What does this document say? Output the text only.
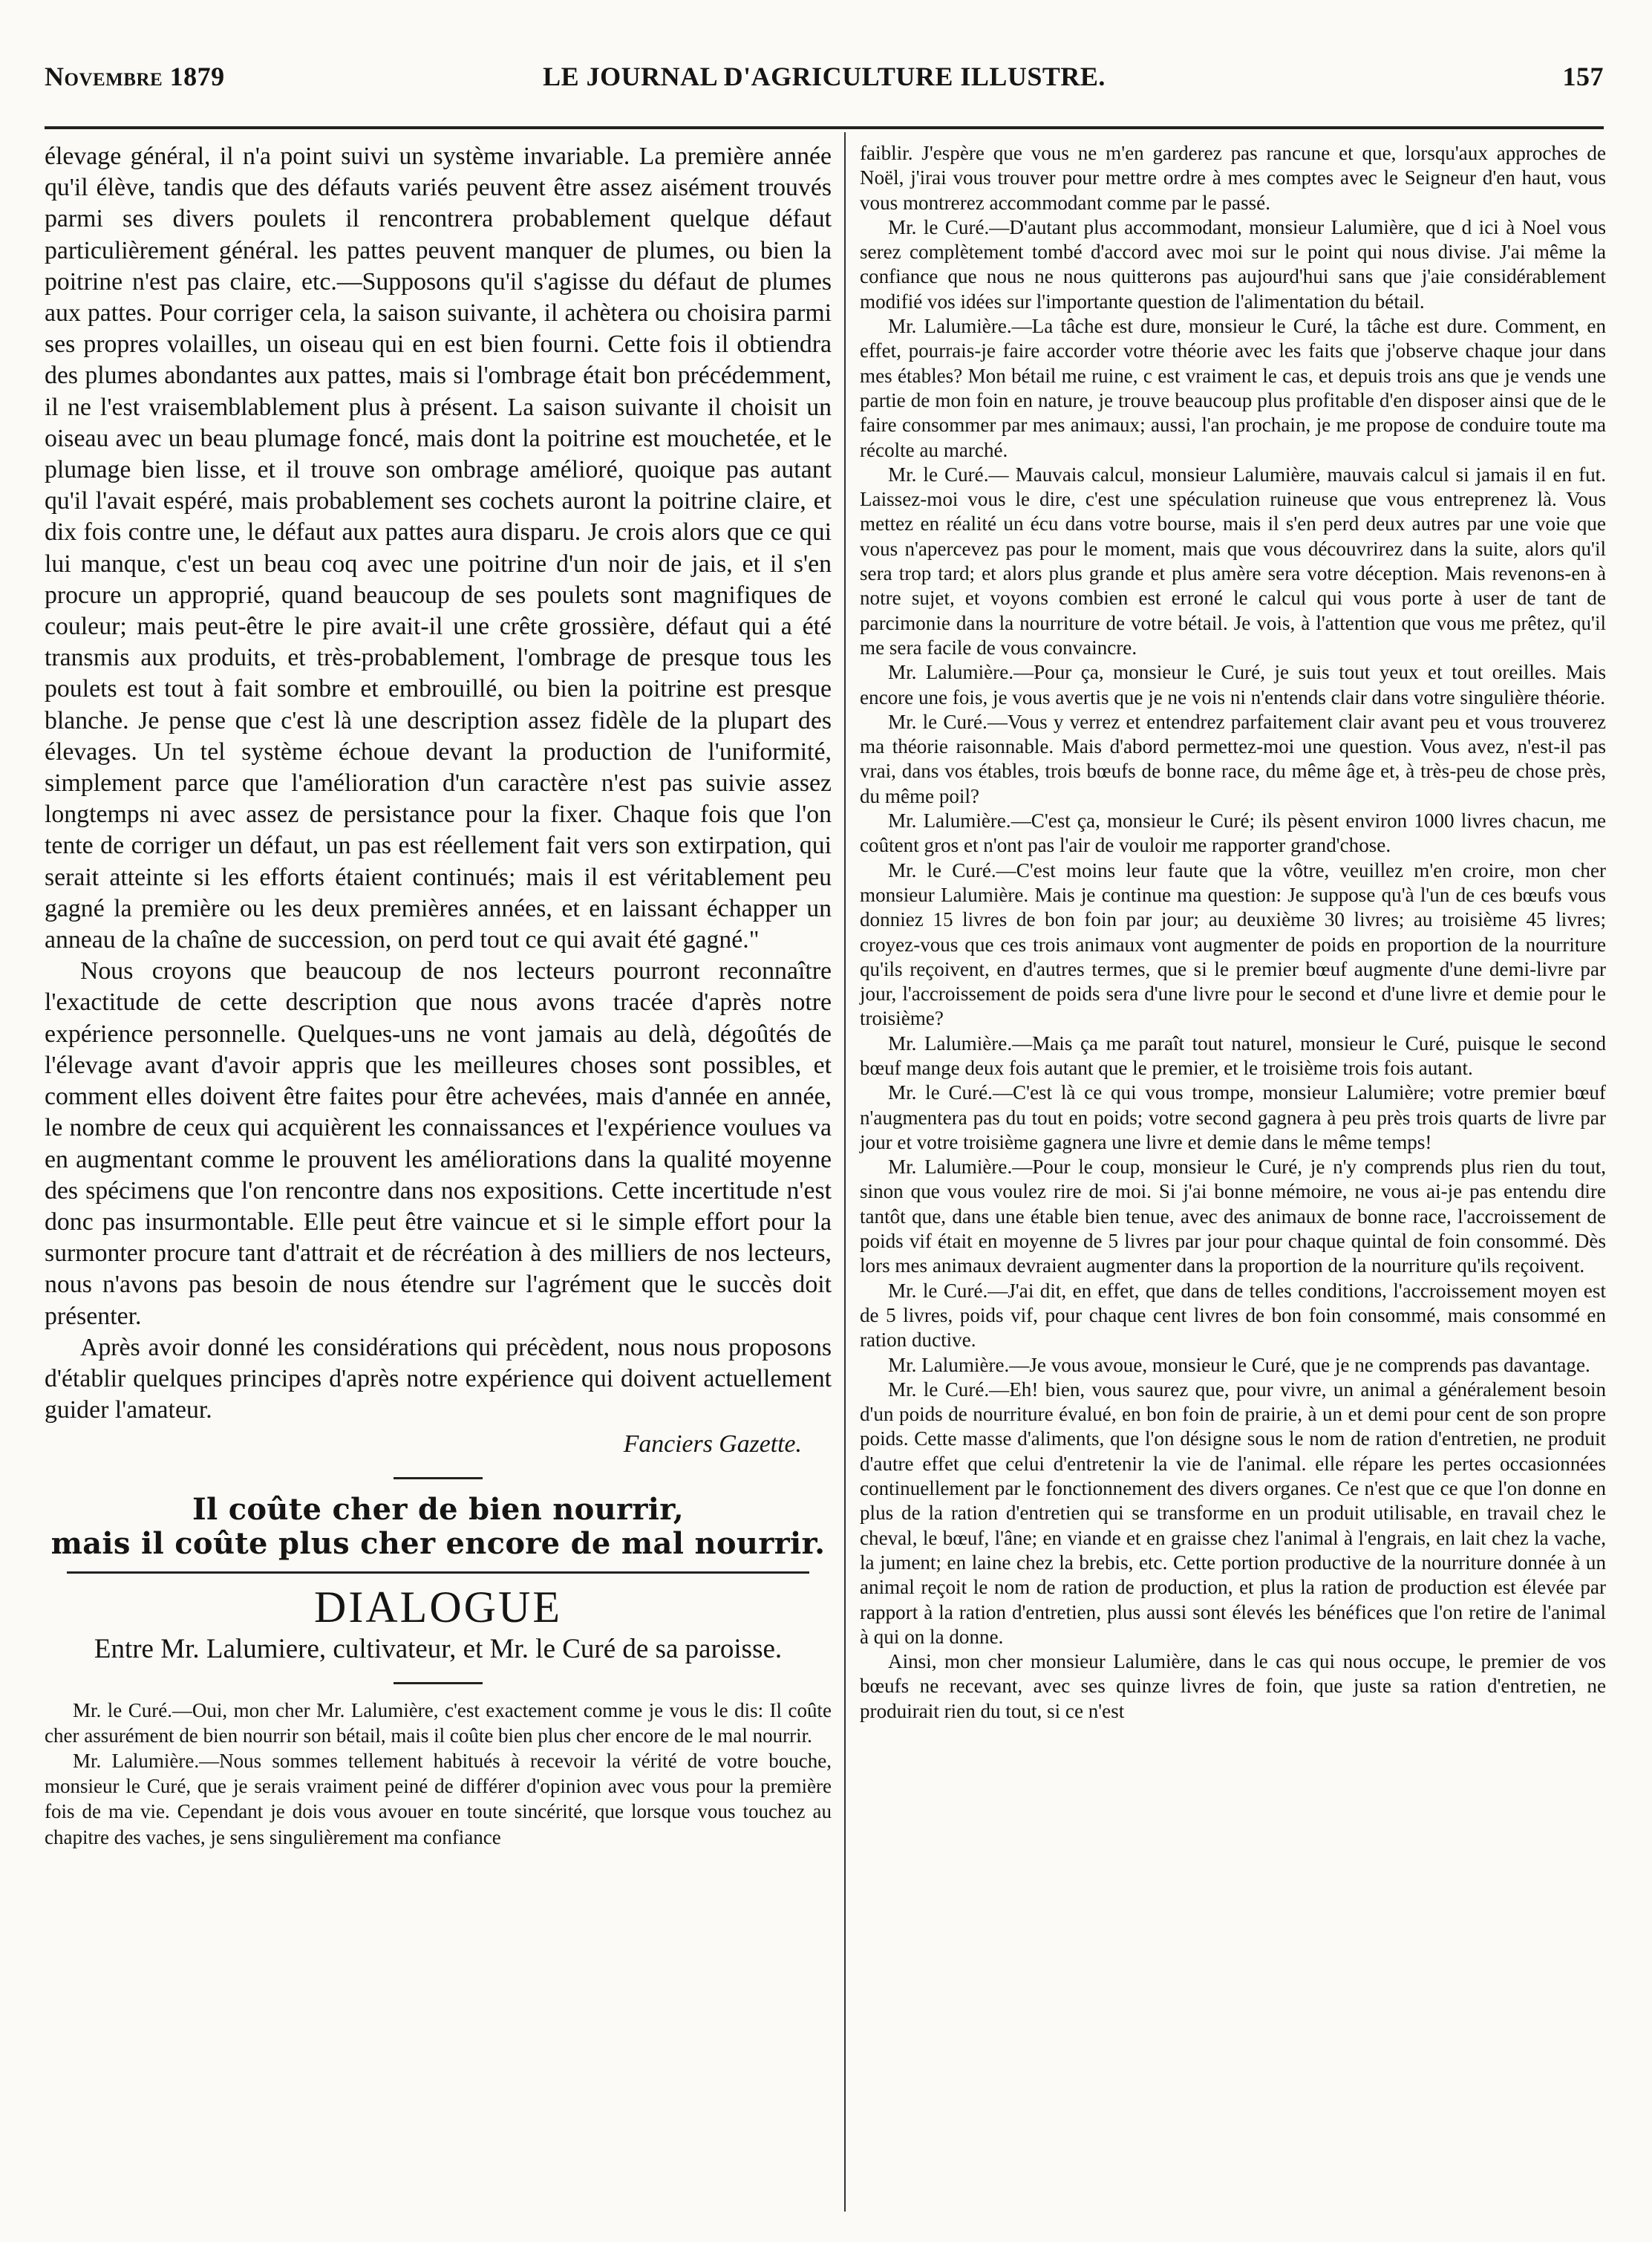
Novembre 1879	LE JOURNAL D'AGRICULTURE ILLUSTRE.	157

élevage général, il n'a point suivi un système invariable. La première année qu'il élève, tandis que des défauts variés peuvent être assez aisément trouvés parmi ses divers poulets il rencontrera probablement quelque défaut particulièrement général. les pattes peuvent manquer de plumes, ou bien la poitrine n'est pas claire, etc.—Supposons qu'il s'agisse du défaut de plumes aux pattes. Pour corriger cela, la saison suivante, il achètera ou choisira parmi ses propres volailles, un oiseau qui en est bien fourni. Cette fois il obtiendra des plumes abondantes aux pattes, mais si l'ombrage était bon précédemment, il ne l'est vraisemblablement plus à présent. La saison suivante il choisit un oiseau avec un beau plumage foncé, mais dont la poitrine est mouchetée, et le plumage bien lisse, et il trouve son ombrage amélioré, quoique pas autant qu'il l'avait espéré, mais probablement ses cochets auront la poitrine claire, et dix fois contre une, le défaut aux pattes aura disparu. Je crois alors que ce qui lui manque, c'est un beau coq avec une poitrine d'un noir de jais, et il s'en procure un approprié, quand beaucoup de ses poulets sont magnifiques de couleur; mais peut-être le pire avait-il une crête grossière, défaut qui a été transmis aux produits, et très-probablement, l'ombrage de presque tous les poulets est tout à fait sombre et embrouillé, ou bien la poitrine est presque blanche. Je pense que c'est là une description assez fidèle de la plupart des élevages. Un tel système échoue devant la production de l'uniformité, simplement parce que l'amélioration d'un caractère n'est pas suivie assez longtemps ni avec assez de persistance pour la fixer. Chaque fois que l'on tente de corriger un défaut, un pas est réellement fait vers son extirpation, qui serait atteinte si les efforts étaient continués; mais il est véritablement peu gagné la première ou les deux premières années, et en laissant échapper un anneau de la chaîne de succession, on perd tout ce qui avait été gagné."

Nous croyons que beaucoup de nos lecteurs pourront reconnaître l'exactitude de cette description que nous avons tracée d'après notre expérience personnelle. Quelques-uns ne vont jamais au delà, dégoûtés de l'élevage avant d'avoir appris que les meilleures choses sont possibles, et comment elles doivent être faites pour être achevées, mais d'année en année, le nombre de ceux qui acquièrent les connaissances et l'expérience voulues va en augmentant comme le prouvent les améliorations dans la qualité moyenne des spécimens que l'on rencontre dans nos expositions. Cette incertitude n'est donc pas insurmontable. Elle peut être vaincue et si le simple effort pour la surmonter procure tant d'attrait et de récréation à des milliers de nos lecteurs, nous n'avons pas besoin de nous étendre sur l'agrément que le succès doit présenter.

Après avoir donné les considérations qui précèdent, nous nous proposons d'établir quelques principes d'après notre expérience qui doivent actuellement guider l'amateur.

Fanciers Gazette.

Il coûte cher de bien nourrir,
mais il coûte plus cher encore de mal nourrir.
DIALOGUE
Entre Mr. Lalumiere, cultivateur, et Mr. le Curé de sa paroisse.

Mr. le Curé.—Oui, mon cher Mr. Lalumière, c'est exactement comme je vous le dis: Il coûte cher assurément de bien nourrir son bétail, mais il coûte bien plus cher encore de le mal nourrir.

Mr. Lalumière.—Nous sommes tellement habitués à recevoir la vérité de votre bouche, monsieur le Curé, que je serais vraiment peiné de différer d'opinion avec vous pour la première fois de ma vie. Cependant je dois vous avouer en toute sincérité, que lorsque vous touchez au chapitre des vaches, je sens singulièrement ma confiance

faiblir. J'espère que vous ne m'en garderez pas rancune et que, lorsqu'aux approches de Noël, j'irai vous trouver pour mettre ordre à mes comptes avec le Seigneur d'en haut, vous vous montrerez accommodant comme par le passé.

Mr. le Curé.—D'autant plus accommodant, monsieur Lalumière, que d ici à Noel vous serez complètement tombé d'accord avec moi sur le point qui nous divise. J'ai même la confiance que nous ne nous quitterons pas aujourd'hui sans que j'aie considérablement modifié vos idées sur l'importante question de l'alimentation du bétail.

Mr. Lalumière.—La tâche est dure, monsieur le Curé, la tâche est dure. Comment, en effet, pourrais-je faire accorder votre théorie avec les faits que j'observe chaque jour dans mes étables? Mon bétail me ruine, c est vraiment le cas, et depuis trois ans que je vends une partie de mon foin en nature, je trouve beaucoup plus profitable d'en disposer ainsi que de le faire consommer par mes animaux; aussi, l'an prochain, je me propose de conduire toute ma récolte au marché.

Mr. le Curé.— Mauvais calcul, monsieur Lalumière, mauvais calcul si jamais il en fut. Laissez-moi vous le dire, c'est une spéculation ruineuse que vous entreprenez là. Vous mettez en réalité un écu dans votre bourse, mais il s'en perd deux autres par une voie que vous n'apercevez pas pour le moment, mais que vous découvrirez dans la suite, alors qu'il sera trop tard; et alors plus grande et plus amère sera votre déception. Mais revenons-en à notre sujet, et voyons combien est erroné le calcul qui vous porte à user de tant de parcimonie dans la nourriture de votre bétail. Je vois, à l'attention que vous me prêtez, qu'il me sera facile de vous convaincre.

Mr. Lalumière.—Pour ça, monsieur le Curé, je suis tout yeux et tout oreilles. Mais encore une fois, je vous avertis que je ne vois ni n'entends clair dans votre singulière théorie.

Mr. le Curé.—Vous y verrez et entendrez parfaitement clair avant peu et vous trouverez ma théorie raisonnable. Mais d'abord permettez-moi une question. Vous avez, n'est-il pas vrai, dans vos étables, trois bœufs de bonne race, du même âge et, à très-peu de chose près, du même poil?

Mr. Lalumière.—C'est ça, monsieur le Curé; ils pèsent environ 1000 livres chacun, me coûtent gros et n'ont pas l'air de vouloir me rapporter grand'chose.

Mr. le Curé.—C'est moins leur faute que la vôtre, veuillez m'en croire, mon cher monsieur Lalumière. Mais je continue ma question: Je suppose qu'à l'un de ces bœufs vous donniez 15 livres de bon foin par jour; au deuxième 30 livres; au troisième 45 livres; croyez-vous que ces trois animaux vont augmenter de poids en proportion de la nourriture qu'ils reçoivent, en d'autres termes, que si le premier bœuf augmente d'une demi-livre par jour, l'accroissement de poids sera d'une livre pour le second et d'une livre et demie pour le troisième?

Mr. Lalumière.—Mais ça me paraît tout naturel, monsieur le Curé, puisque le second bœuf mange deux fois autant que le premier, et le troisième trois fois autant.

Mr. le Curé.—C'est là ce qui vous trompe, monsieur Lalumière; votre premier bœuf n'augmentera pas du tout en poids; votre second gagnera à peu près trois quarts de livre par jour et votre troisième gagnera une livre et demie dans le même temps!

Mr. Lalumière.—Pour le coup, monsieur le Curé, je n'y comprends plus rien du tout, sinon que vous voulez rire de moi. Si j'ai bonne mémoire, ne vous ai-je pas entendu dire tantôt que, dans une étable bien tenue, avec des animaux de bonne race, l'accroissement de poids vif était en moyenne de 5 livres par jour pour chaque quintal de foin consommé. Dès lors mes animaux devraient augmenter dans la proportion de la nourriture qu'ils reçoivent.

Mr. le Curé.—J'ai dit, en effet, que dans de telles conditions, l'accroissement moyen est de 5 livres, poids vif, pour chaque cent livres de bon foin consommé, mais consommé en ration ductive.

Mr. Lalumière.—Je vous avoue, monsieur le Curé, que je ne comprends pas davantage.

Mr. le Curé.—Eh! bien, vous saurez que, pour vivre, un animal a généralement besoin d'un poids de nourriture évalué, en bon foin de prairie, à un et demi pour cent de son propre poids. Cette masse d'aliments, que l'on désigne sous le nom de ration d'entretien, ne produit d'autre effet que celui d'entretenir la vie de l'animal. elle répare les pertes occasionnées continuellement par le fonctionnement des divers organes. Ce n'est que ce que l'on donne en plus de la ration d'entretien qui se transforme en un produit utilisable, en travail chez le cheval, le bœuf, l'âne; en viande et en graisse chez l'animal à l'engrais, en lait chez la vache, la jument; en laine chez la brebis, etc. Cette portion productive de la nourriture donnée à un animal reçoit le nom de ration de production, et plus la ration de production est élevée par rapport à la ration d'entretien, plus aussi sont élevés les bénéfices que l'on retire de l'animal à qui on la donne.

Ainsi, mon cher monsieur Lalumière, dans le cas qui nous occupe, le premier de vos bœufs ne recevant, avec ses quinze livres de foin, que juste sa ration d'entretien, ne produirait rien du tout, si ce n'est
